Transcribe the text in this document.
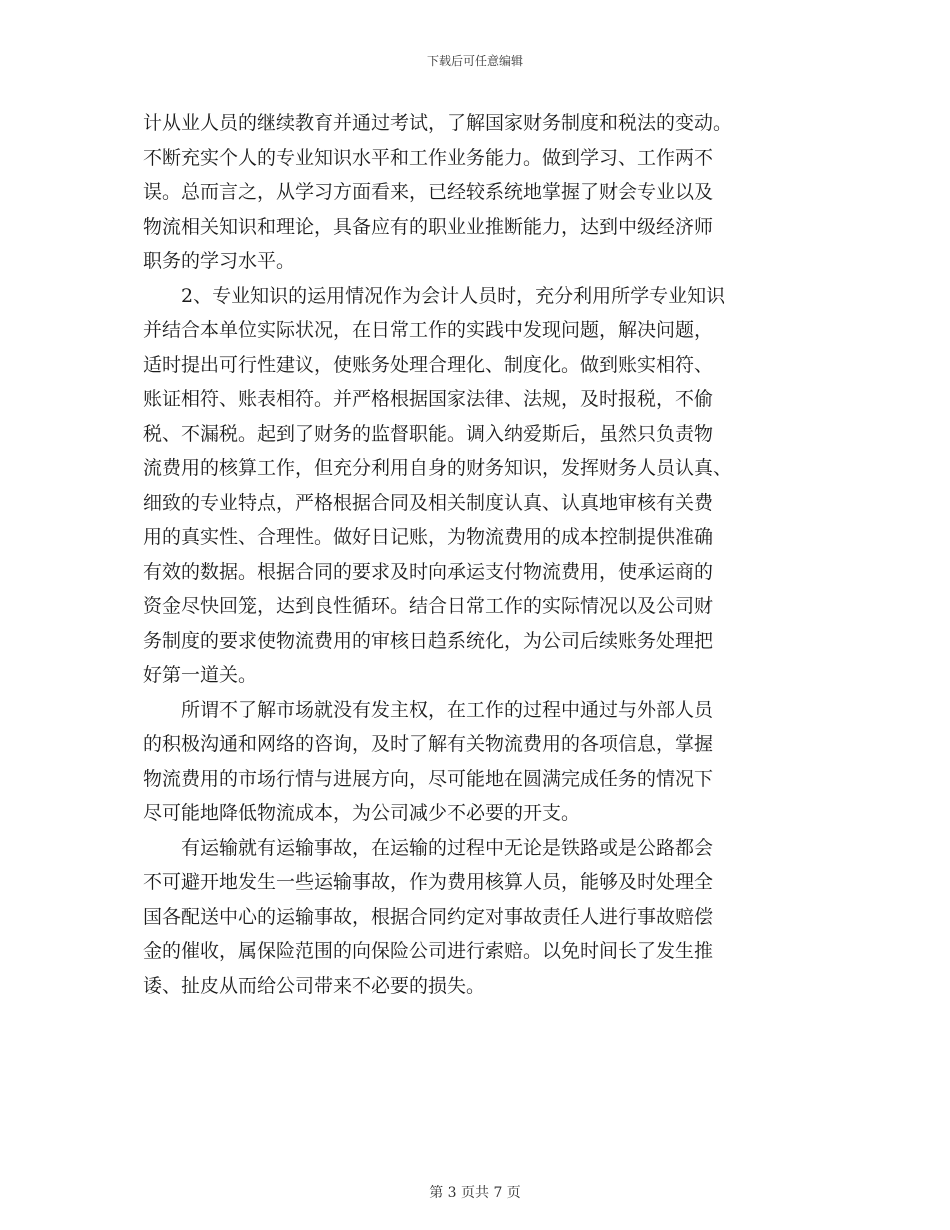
下载后可任意编辑

计从业人员的继续教育并通过考试，了解国家财务制度和税法的变动。
不断充实个人的专业知识水平和工作业务能力。做到学习、工作两不
误。总而言之，从学习方面看来，已经较系统地掌握了财会专业以及
物流相关知识和理论，具备应有的职业业推断能力，达到中级经济师
职务的学习水平。

　　2、专业知识的运用情况作为会计人员时，充分利用所学专业知识
并结合本单位实际状况，在日常工作的实践中发现问题，解决问题，
适时提出可行性建议，使账务处理合理化、制度化。做到账实相符、
账证相符、账表相符。并严格根据国家法律、法规，及时报税，不偷
税、不漏税。起到了财务的监督职能。调入纳爱斯后，虽然只负责物
流费用的核算工作，但充分利用自身的财务知识，发挥财务人员认真、
细致的专业特点，严格根据合同及相关制度认真、认真地审核有关费
用的真实性、合理性。做好日记账，为物流费用的成本控制提供准确
有效的数据。根据合同的要求及时向承运支付物流费用，使承运商的
资金尽快回笼，达到良性循环。结合日常工作的实际情况以及公司财
务制度的要求使物流费用的审核日趋系统化，为公司后续账务处理把
好第一道关。

　　所谓不了解市场就没有发主权，在工作的过程中通过与外部人员
的积极沟通和网络的咨询，及时了解有关物流费用的各项信息，掌握
物流费用的市场行情与进展方向，尽可能地在圆满完成任务的情况下
尽可能地降低物流成本，为公司减少不必要的开支。

　　有运输就有运输事故，在运输的过程中无论是铁路或是公路都会
不可避开地发生一些运输事故，作为费用核算人员，能够及时处理全
国各配送中心的运输事故，根据合同约定对事故责任人进行事故赔偿
金的催收，属保险范围的向保险公司进行索赔。以免时间长了发生推
诿、扯皮从而给公司带来不必要的损失。

第 3 页共 7 页
